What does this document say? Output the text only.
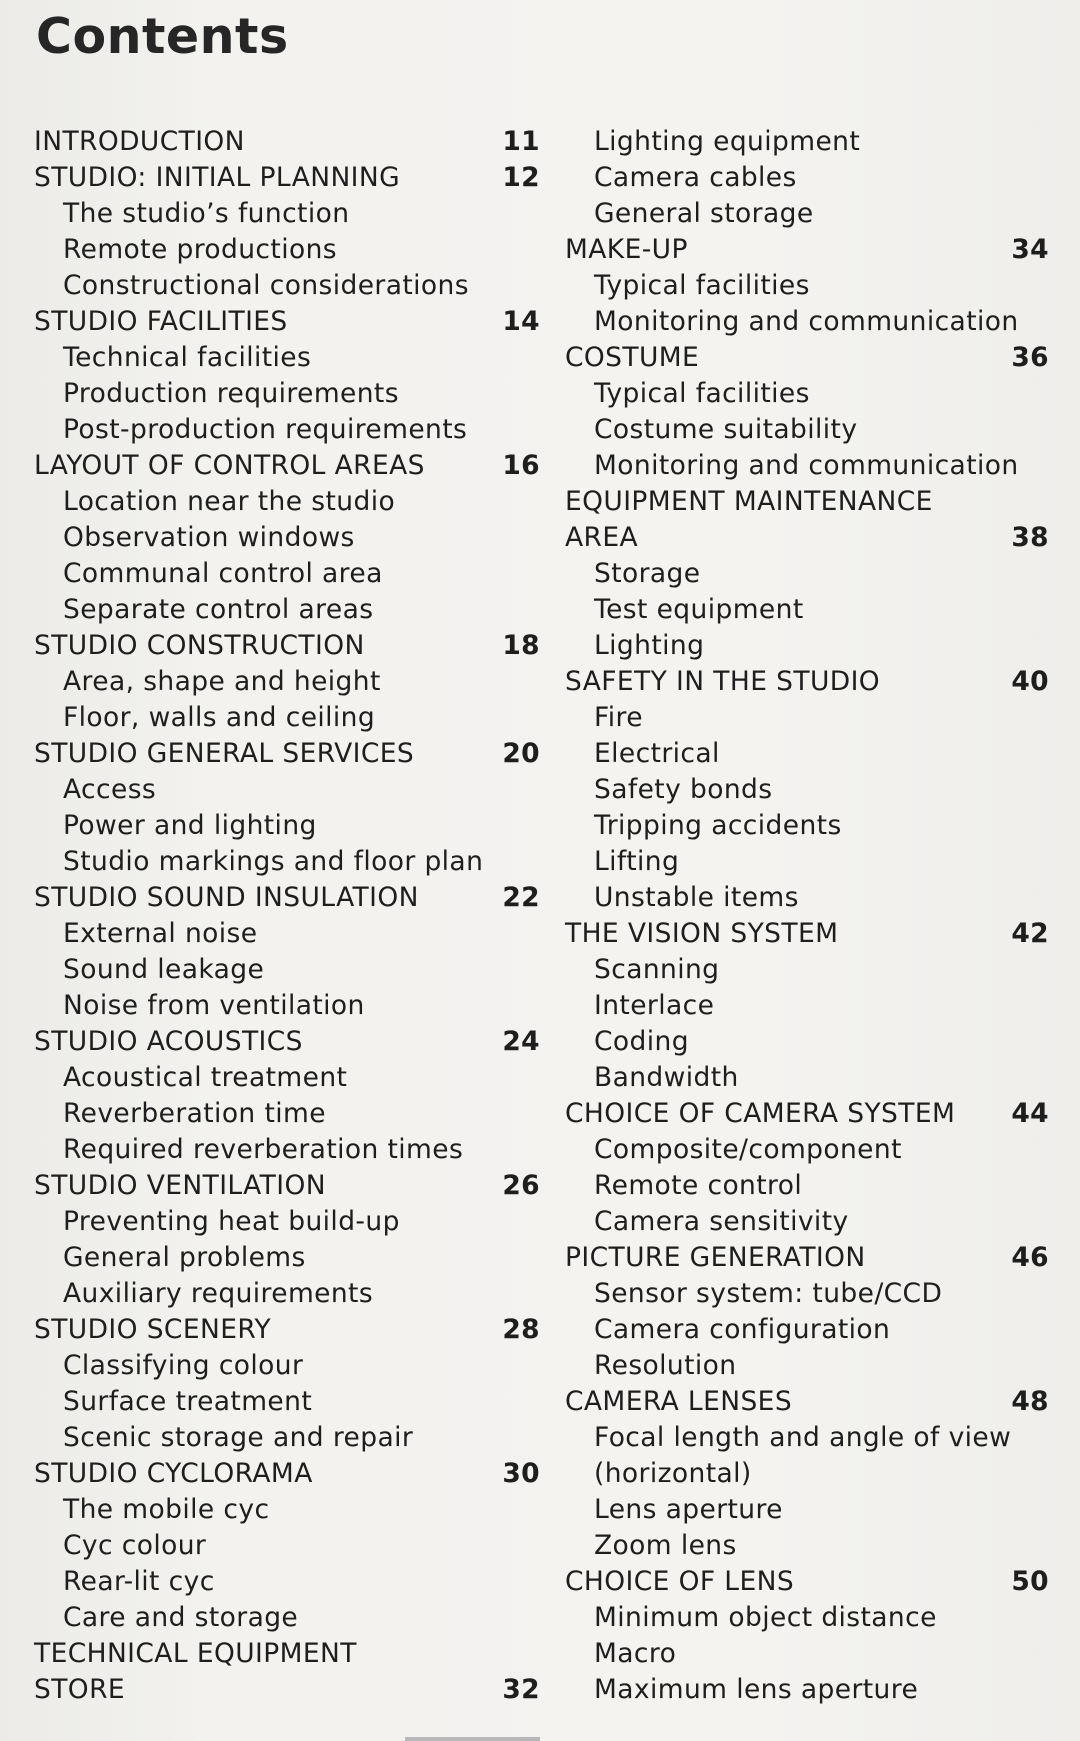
Contents
INTRODUCTION	11
STUDIO: INITIAL PLANNING	12
The studio’s function
Remote productions
Constructional considerations
STUDIO FACILITIES	14
Technical facilities
Production requirements
Post-production requirements
LAYOUT OF CONTROL AREAS	16
Location near the studio
Observation windows
Communal control area
Separate control areas
STUDIO CONSTRUCTION	18
Area, shape and height
Floor, walls and ceiling
STUDIO GENERAL SERVICES	20
Access
Power and lighting
Studio markings and floor plan
STUDIO SOUND INSULATION	22
External noise
Sound leakage
Noise from ventilation
STUDIO ACOUSTICS	24
Acoustical treatment
Reverberation time
Required reverberation times
STUDIO VENTILATION	26
Preventing heat build-up
General problems
Auxiliary requirements
STUDIO SCENERY	28
Classifying colour
Surface treatment
Scenic storage and repair
STUDIO CYCLORAMA	30
The mobile cyc
Cyc colour
Rear-lit cyc
Care and storage
TECHNICAL EQUIPMENT
STORE	32
Lighting equipment
Camera cables
General storage
MAKE-UP	34
Typical facilities
Monitoring and communication
COSTUME	36
Typical facilities
Costume suitability
Monitoring and communication
EQUIPMENT MAINTENANCE
AREA	38
Storage
Test equipment
Lighting
SAFETY IN THE STUDIO	40
Fire
Electrical
Safety bonds
Tripping accidents
Lifting
Unstable items
THE VISION SYSTEM	42
Scanning
Interlace
Coding
Bandwidth
CHOICE OF CAMERA SYSTEM 44
Composite/component
Remote control
Camera sensitivity
PICTURE GENERATION	46
Sensor system: tube/CCD
Camera configuration
Resolution
CAMERA LENSES	48
Focal length and angle of view
(horizontal)
Lens aperture
Zoom lens
CHOICE OF LENS	50
Minimum object distance
Macro
Maximum lens aperture
